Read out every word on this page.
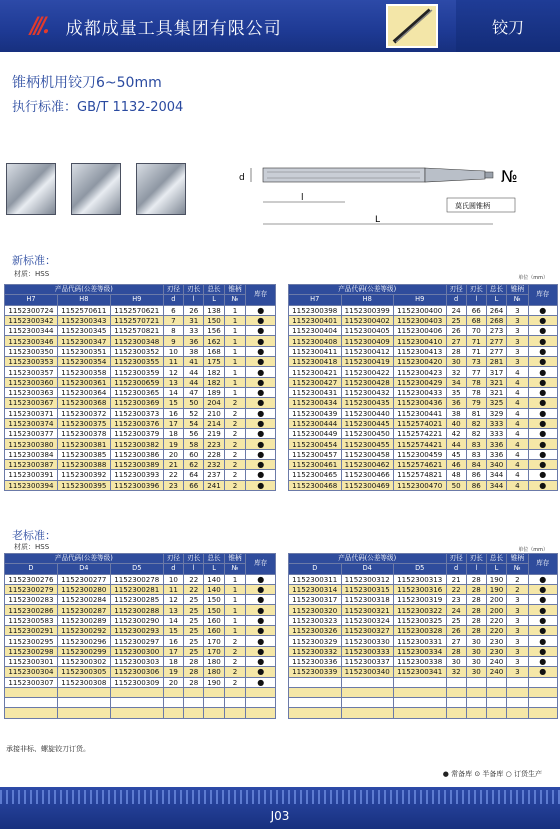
///. 成都成量工具集团有限公司	铰刀
锥柄机用铰刀6~50mm
执行标准：GB/T 1132-2004
d
l
L
№
莫氏圆锥柄
新标准：
材质：HSS	单位（mm）
产品代码(公差等级)			刃径	刃长	总长	锥柄	库存
H7	H8	H9	d	l	L	№	
1152300724	1152570611	1152570621	6	26	138	1	●
1152300342	1152300343	1152570721	7	31	150	1	●
1152300344	1152300345	1152570821	8	33	156	1	●
1152300346	1152300347	1152300348	9	36	162	1	●
1152300350	1152300351	1152300352	10	38	168	1	●
1152300353	1152300354	1152300355	11	41	175	1	●
1152300357	1152300358	1152300359	12	44	182	1	●
1152300360	1152300361	1152300659	13	44	182	1	●
1152300363	1152300364	1152300365	14	47	189	1	●
1152300367	1152300368	1152300369	15	50	204	2	●
1152300371	1152300372	1152300373	16	52	210	2	●
1152300374	1152300375	1152300376	17	54	214	2	●
1152300377	1152300378	1152300379	18	56	219	2	●
1152300380	1152300381	1152300382	19	58	223	2	●
1152300384	1152300385	1152300386	20	60	228	2	●
1152300387	1152300388	1152300389	21	62	232	2	●
1152300391	1152300392	1152300393	22	64	237	2	●
1152300394	1152300395	1152300396	23	66	241	2	●
产品代码(公差等级)			刃径	刃长	总长	锥柄	库存
H7	H8	H9	d	l	L	№	
1152300398	1152300399	1152300400	24	66	264	3	●
1152300401	1152300402	1152300403	25	68	268	3	●
1152300404	1152300405	1152300406	26	70	273	3	●
1152300408	1152300409	1152300410	27	71	277	3	●
1152300411	1152300412	1152300413	28	71	277	3	●
1152300418	1152300419	1152300420	30	73	281	3	●
1152300421	1152300422	1152300423	32	77	317	4	●
1152300427	1152300428	1152300429	34	78	321	4	●
1152300431	1152300432	1152300433	35	78	321	4	●
1152300434	1152300435	1152300436	36	79	325	4	●
1152300439	1152300440	1152300441	38	81	329	4	●
1152300444	1152300445	1152574021	40	82	333	4	●
1152300449	1152300450	1152574221	42	82	333	4	●
1152300454	1152300455	1152574421	44	83	336	4	●
1152300457	1152300458	1152300459	45	83	336	4	●
1152300461	1152300462	1152574621	46	84	340	4	●
1152300465	1152300466	1152574821	48	86	344	4	●
1152300468	1152300469	1152300470	50	86	344	4	●
老标准：
材质：HSS	单位（mm）
产品代码(公差等级)			刃径	刃长	总长	锥柄	库存
D	D4	D5	d	l	L	№	
1152300276	1152300277	1152300278	10	22	140	1	●
1152300279	1152300280	1152300281	11	22	140	1	●
1152300283	1152300284	1152300285	12	25	150	1	●
1152300286	1152300287	1152300288	13	25	150	1	●
1152300583	1152300289	1152300290	14	25	160	1	●
1152300291	1152300292	1152300293	15	25	160	1	●
1152300295	1152300296	1152300297	16	25	170	2	●
1152300298	1152300299	1152300300	17	25	170	2	●
1152300301	1152300302	1152300303	18	28	180	2	●
1152300304	1152300305	1152300306	19	28	180	2	●
1152300307	1152300308	1152300309	20	28	190	2	●

产品代码(公差等级)			刃径	刃长	总长	锥柄	库存
D	D4	D5	d	l	L	№	
1152300311	1152300312	1152300313	21	28	190	2	●
1152300314	1152300315	1152300316	22	28	190	2	●
1152300317	1152300318	1152300319	23	28	200	3	●
1152300320	1152300321	1152300322	24	28	200	3	●
1152300323	1152300324	1152300325	25	28	220	3	●
1152300326	1152300327	1152300328	26	28	220	3	●
1152300329	1152300330	1152300331	27	30	230	3	●
1152300332	1152300333	1152300334	28	30	230	3	●
1152300336	1152300337	1152300338	30	30	240	3	●
1152300339	1152300340	1152300341	32	30	240	3	●

承接非标、螺旋铰刀订货。
● 常备库 ⊙ 半备库 ○ 订货生产
J03
